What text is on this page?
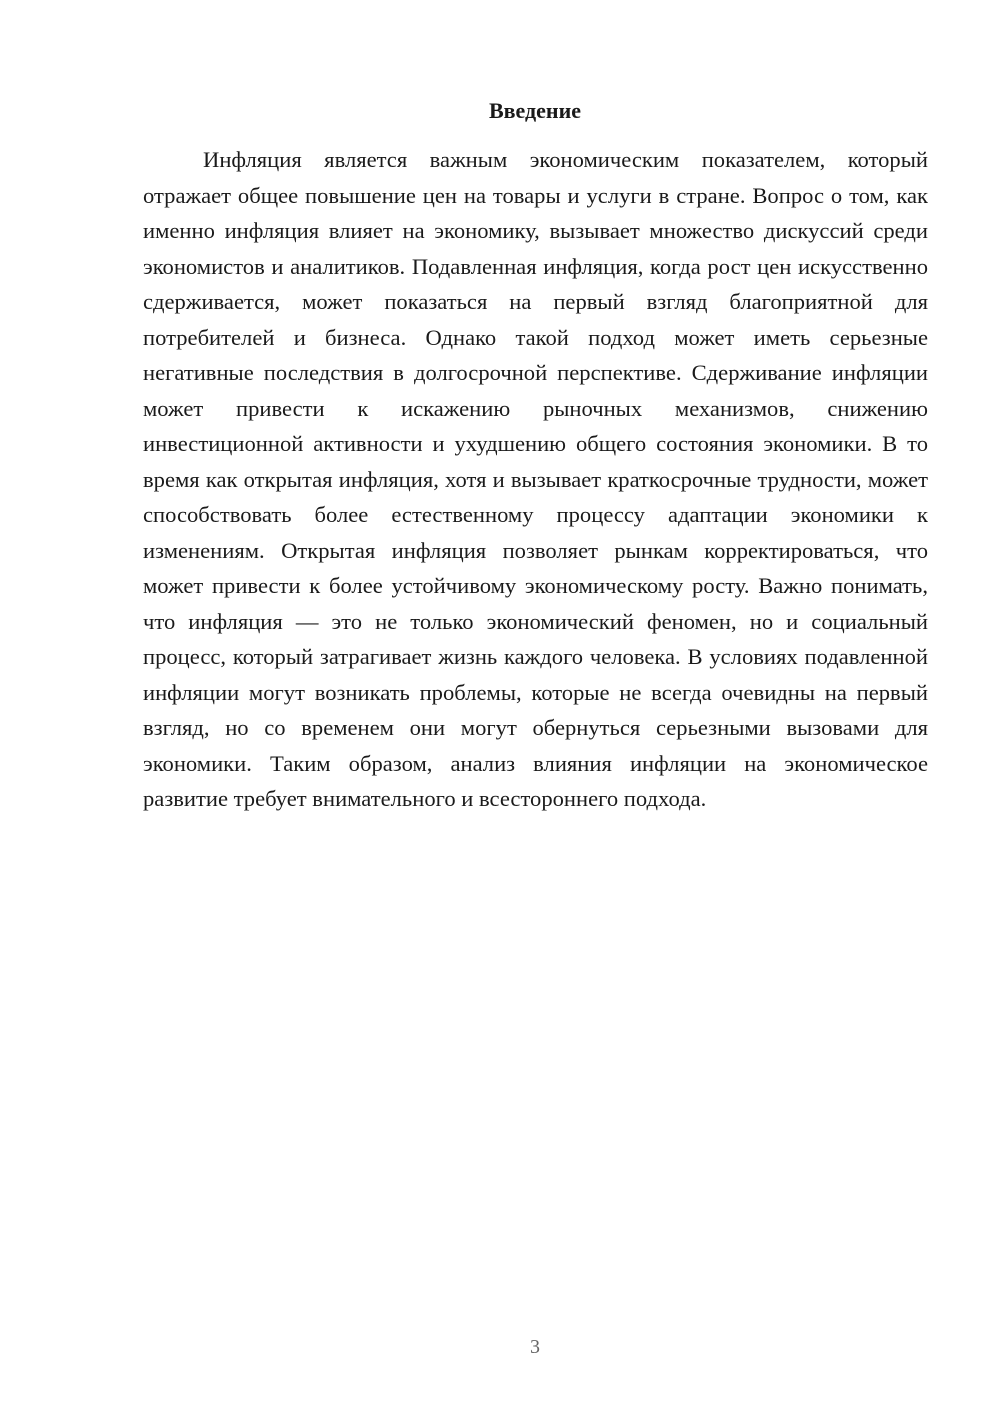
Введение

Инфляция является важным экономическим показателем, который отражает общее повышение цен на товары и услуги в стране. Вопрос о том, как именно инфляция влияет на экономику, вызывает множество дискуссий среди экономистов и аналитиков. Подавленная инфляция, когда рост цен искусственно сдерживается, может показаться на первый взгляд благоприятной для потребителей и бизнеса. Однако такой подход может иметь серьезные негативные последствия в долгосрочной перспективе. Сдерживание инфляции может привести к искажению рыночных механизмов, снижению инвестиционной активности и ухудшению общего состояния экономики. В то время как открытая инфляция, хотя и вызывает краткосрочные трудности, может способствовать более естественному процессу адаптации экономики к изменениям. Открытая инфляция позволяет рынкам корректироваться, что может привести к более устойчивому экономическому росту. Важно понимать, что инфляция — это не только экономический феномен, но и социальный процесс, который затрагивает жизнь каждого человека. В условиях подавленной инфляции могут возникать проблемы, которые не всегда очевидны на первый взгляд, но со временем они могут обернуться серьезными вызовами для экономики. Таким образом, анализ влияния инфляции на экономическое развитие требует внимательного и всестороннего подхода.

3
